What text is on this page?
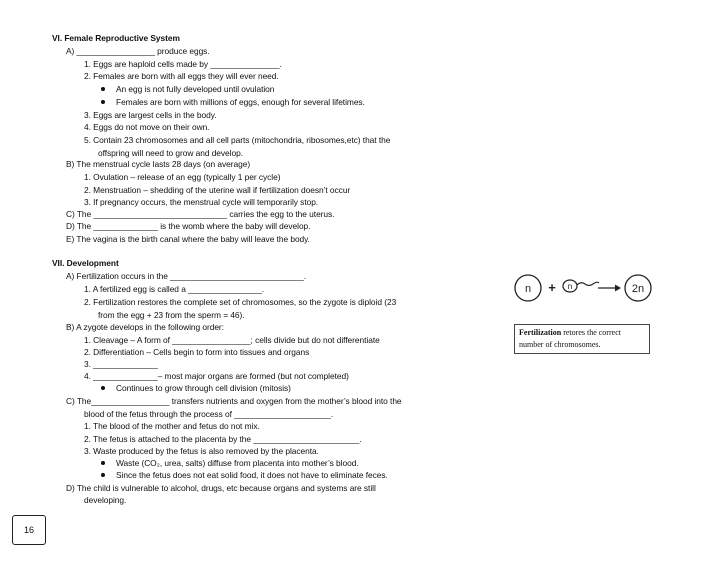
VI. Female Reproductive System
A) _________________ produce eggs.
1. Eggs are haploid cells made by _______________.
2. Females are born with all eggs they will ever need.
An egg is not fully developed until ovulation
Females are born with millions of eggs, enough for several lifetimes.
3. Eggs are largest cells in the body.
4. Eggs do not move on their own.
5. Contain 23 chromosomes and all cell parts (mitochondria, ribosomes,etc) that the
offspring will need to grow and develop.
B) The menstrual cycle lasts 28 days (on average)
1. Ovulation – release of an egg (typically 1 per cycle)
2. Menstruation – shedding of the uterine wall if fertilization doesn’t occur
3. If pregnancy occurs, the menstrual cycle will temporarily stop.
C) The _____________________________ carries the egg to the uterus.
D) The ______________ is the womb where the baby will develop.
E) The vagina is the birth canal where the baby will leave the body.
VII. Development
A) Fertilization occurs in the _____________________________.
1. A fertilized egg is called a ________________.
2. Fertilization restores the complete set of chromosomes, so the zygote is diploid (23
from the egg + 23 from the sperm = 46).
B) A zygote develops in the following order:
1. Cleavage – A form of _________________; cells divide but do not differentiate
2. Differentiation – Cells begin to form into tissues and organs
3. ______________
4. ______________– most major organs are formed (but not completed)
Continues to grow through cell division (mitosis)
C) The_________________ transfers nutrients and oxygen from the mother’s blood into the
blood of the fetus through the process of _____________________.
1. The blood of the mother and fetus do not mix.
2. The fetus is attached to the placenta by the _______________________.
3. Waste produced by the fetus is also removed by the placenta.
Waste (CO₂, urea, salts) diffuse from placenta into mother’s blood.
Since the fetus does not eat solid food, it does not have to eliminate feces.
D) The child is vulnerable to alcohol, drugs, etc because organs and systems are still
developing.
n + n	2n
Fertilization retores the correct
number of chromosomes.
16
